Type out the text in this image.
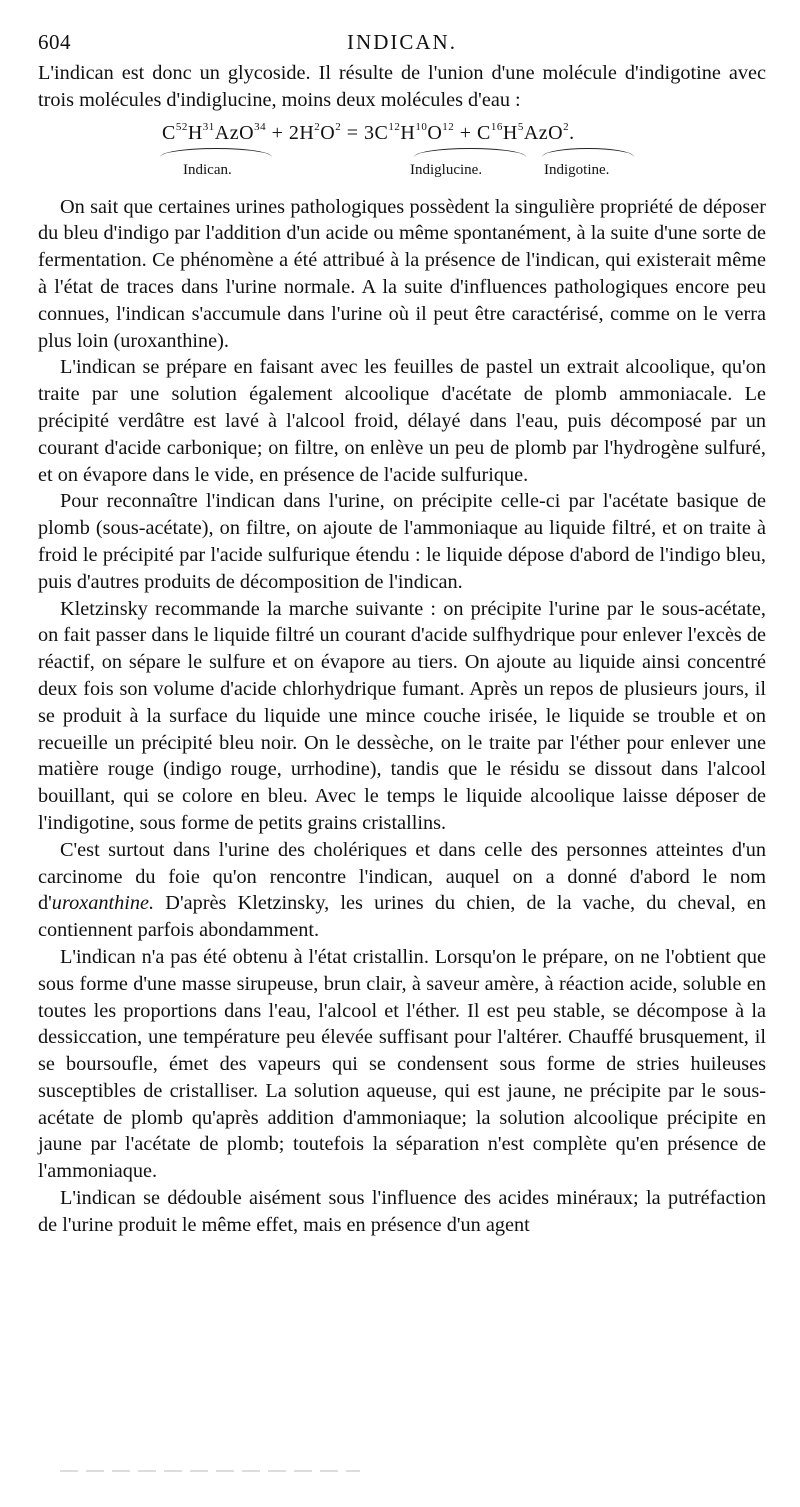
604	INDICAN.

L'indican est donc un glycoside. Il résulte de l'union d'une molécule d'indigotine avec trois molécules d'indiglucine, moins deux molécules d'eau :

$C^{52}H^{31}AzO^{34} + 2H^2O^2 = 3C^{12}H^{10}O^{12} + C^{16}H^5AzO^2$.
Indican.	Indiglucine.	Indigotine.

On sait que certaines urines pathologiques possèdent la singulière propriété de déposer du bleu d'indigo par l'addition d'un acide ou même spontanément, à la suite d'une sorte de fermentation. Ce phénomène a été attribué à la présence de l'indican, qui existerait même à l'état de traces dans l'urine normale. A la suite d'influences pathologiques encore peu connues, l'indican s'accumule dans l'urine où il peut être caractérisé, comme on le verra plus loin (uroxanthine).

L'indican se prépare en faisant avec les feuilles de pastel un extrait alcoolique, qu'on traite par une solution également alcoolique d'acétate de plomb ammoniacale. Le précipité verdâtre est lavé à l'alcool froid, délayé dans l'eau, puis décomposé par un courant d'acide carbonique; on filtre, on enlève un peu de plomb par l'hydrogène sulfuré, et on évapore dans le vide, en présence de l'acide sulfurique.

Pour reconnaître l'indican dans l'urine, on précipite celle-ci par l'acétate basique de plomb (sous-acétate), on filtre, on ajoute de l'ammoniaque au liquide filtré, et on traite à froid le précipité par l'acide sulfurique étendu : le liquide dépose d'abord de l'indigo bleu, puis d'autres produits de décomposition de l'indican.

Kletzinsky recommande la marche suivante : on précipite l'urine par le sous-acétate, on fait passer dans le liquide filtré un courant d'acide sulfhydrique pour enlever l'excès de réactif, on sépare le sulfure et on évapore au tiers. On ajoute au liquide ainsi concentré deux fois son volume d'acide chlorhydrique fumant. Après un repos de plusieurs jours, il se produit à la surface du liquide une mince couche irisée, le liquide se trouble et on recueille un précipité bleu noir. On le dessèche, on le traite par l'éther pour enlever une matière rouge (indigo rouge, urrhodine), tandis que le résidu se dissout dans l'alcool bouillant, qui se colore en bleu. Avec le temps le liquide alcoolique laisse déposer de l'indigotine, sous forme de petits grains cristallins.

C'est surtout dans l'urine des cholériques et dans celle des personnes atteintes d'un carcinome du foie qu'on rencontre l'indican, auquel on a donné d'abord le nom d'uroxanthine. D'après Kletzinsky, les urines du chien, de la vache, du cheval, en contiennent parfois abondamment.

L'indican n'a pas été obtenu à l'état cristallin. Lorsqu'on le prépare, on ne l'obtient que sous forme d'une masse sirupeuse, brun clair, à saveur amère, à réaction acide, soluble en toutes les proportions dans l'eau, l'alcool et l'éther. Il est peu stable, se décompose à la dessiccation, une température peu élevée suffisant pour l'altérer. Chauffé brusquement, il se boursoufle, émet des vapeurs qui se condensent sous forme de stries huileuses susceptibles de cristalliser. La solution aqueuse, qui est jaune, ne précipite par le sous-acétate de plomb qu'après addition d'ammoniaque; la solution alcoolique précipite en jaune par l'acétate de plomb; toutefois la séparation n'est complète qu'en présence de l'ammoniaque.

L'indican se dédouble aisément sous l'influence des acides minéraux; la putréfaction de l'urine produit le même effet, mais en présence d'un agent
